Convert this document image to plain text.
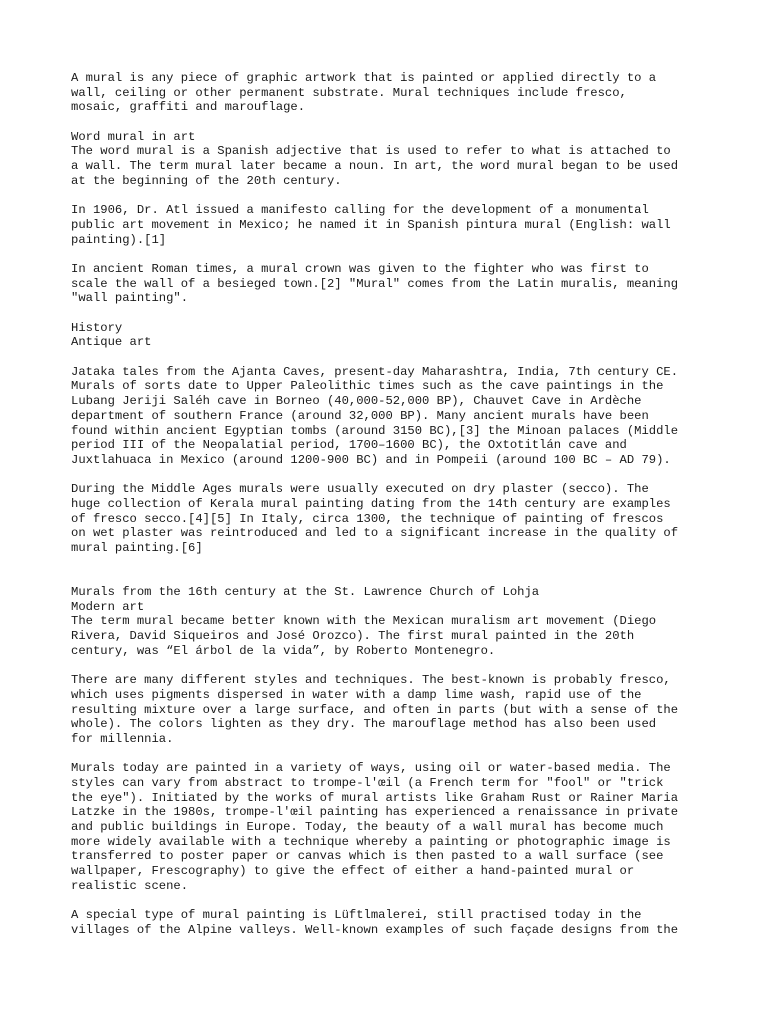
A mural is any piece of graphic artwork that is painted or applied directly to a
wall, ceiling or other permanent substrate. Mural techniques include fresco,
mosaic, graffiti and marouflage.
Word mural in art
The word mural is a Spanish adjective that is used to refer to what is attached to
a wall. The term mural later became a noun. In art, the word mural began to be used
at the beginning of the 20th century.
In 1906, Dr. Atl issued a manifesto calling for the development of a monumental
public art movement in Mexico; he named it in Spanish pintura mural (English: wall
painting).[1]
In ancient Roman times, a mural crown was given to the fighter who was first to
scale the wall of a besieged town.[2] "Mural" comes from the Latin muralis, meaning
"wall painting".
History
Antique art
Jataka tales from the Ajanta Caves, present-day Maharashtra, India, 7th century CE.
Murals of sorts date to Upper Paleolithic times such as the cave paintings in the
Lubang Jeriji Saléh cave in Borneo (40,000-52,000 BP), Chauvet Cave in Ardèche
department of southern France (around 32,000 BP). Many ancient murals have been
found within ancient Egyptian tombs (around 3150 BC),[3] the Minoan palaces (Middle
period III of the Neopalatial period, 1700–1600 BC), the Oxtotitlán cave and
Juxtlahuaca in Mexico (around 1200-900 BC) and in Pompeii (around 100 BC – AD 79).
During the Middle Ages murals were usually executed on dry plaster (secco). The
huge collection of Kerala mural painting dating from the 14th century are examples
of fresco secco.[4][5] In Italy, circa 1300, the technique of painting of frescos
on wet plaster was reintroduced and led to a significant increase in the quality of
mural painting.[6]
Murals from the 16th century at the St. Lawrence Church of Lohja
Modern art
The term mural became better known with the Mexican muralism art movement (Diego
Rivera, David Siqueiros and José Orozco). The first mural painted in the 20th
century, was “El árbol de la vida”, by Roberto Montenegro.
There are many different styles and techniques. The best-known is probably fresco,
which uses pigments dispersed in water with a damp lime wash, rapid use of the
resulting mixture over a large surface, and often in parts (but with a sense of the
whole). The colors lighten as they dry. The marouflage method has also been used
for millennia.
Murals today are painted in a variety of ways, using oil or water-based media. The
styles can vary from abstract to trompe-l'œil (a French term for "fool" or "trick
the eye"). Initiated by the works of mural artists like Graham Rust or Rainer Maria
Latzke in the 1980s, trompe-l'œil painting has experienced a renaissance in private
and public buildings in Europe. Today, the beauty of a wall mural has become much
more widely available with a technique whereby a painting or photographic image is
transferred to poster paper or canvas which is then pasted to a wall surface (see
wallpaper, Frescography) to give the effect of either a hand-painted mural or
realistic scene.
A special type of mural painting is Lüftlmalerei, still practised today in the
villages of the Alpine valleys. Well-known examples of such façade designs from the
